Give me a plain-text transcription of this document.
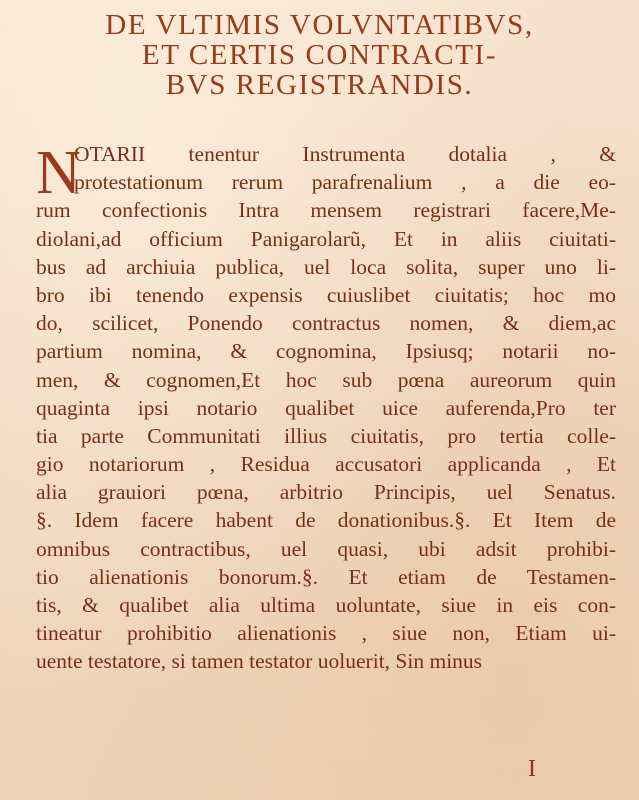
DE VLTIMIS VOLVNTATIBVS,
ET CERTIS CONTRACTI-
BVS REGISTRANDIS.
N
OTARII tenentur Instrumenta dotalia , &
protestationum rerum parafrenalium , a die eo-
rum confectionis Intra mensem registrari facere,Me-
diolani,ad officium Panigarolarũ, Et in aliis ciuitati-
bus ad archiuia publica, uel loca solita, super uno li-
bro ibi tenendo expensis cuiuslibet ciuitatis; hoc mo
do, scilicet, Ponendo contractus nomen, & diem,ac
partium nomina, & cognomina, Ipsiusq; notarii no-
men, & cognomen,Et hoc sub pœna aureorum quin
quaginta ipsi notario qualibet uice auferenda,Pro ter
tia parte Communitati illius ciuitatis, pro tertia colle-
gio notariorum , Residua accusatori applicanda , Et
alia grauiori pœna, arbitrio Principis, uel Senatus.
§. Idem facere habent de donationibus.§. Et Item de
omnibus contractibus, uel quasi, ubi adsit prohibi-
tio alienationis bonorum.§. Et etiam de Testamen-
tis, & qualibet alia ultima uoluntate, siue in eis con-
tineatur prohibitio alienationis , siue non, Etiam ui-
uente testatore, si tamen testator uoluerit, Sin minus
I
